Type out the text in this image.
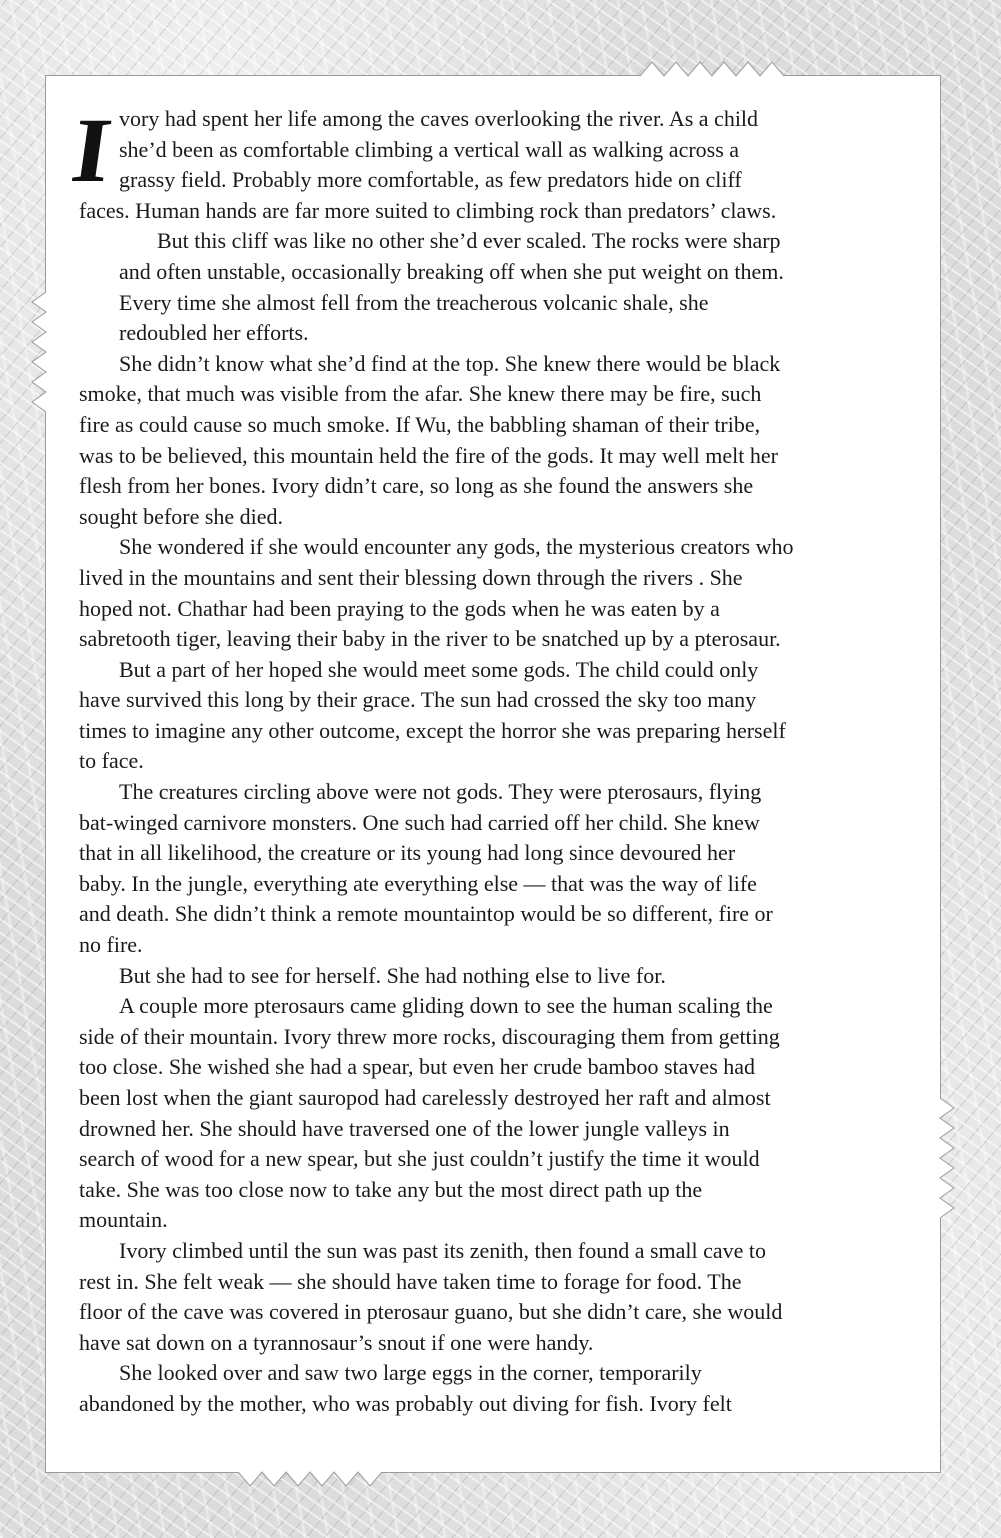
I vory had spent her life among the caves overlooking the river. As a child
she’d been as comfortable climbing a vertical wall as walking across a
grassy field. Probably more comfortable, as few predators hide on cliff
faces. Human hands are far more suited to climbing rock than predators’ claws.
But this cliff was like no other she’d ever scaled. The rocks were sharp
and often unstable, occasionally breaking off when she put weight on them.
Every time she almost fell from the treacherous volcanic shale, she
redoubled her efforts.
She didn’t know what she’d find at the top. She knew there would be black
smoke, that much was visible from the afar. She knew there may be fire, such
fire as could cause so much smoke. If Wu, the babbling shaman of their tribe,
was to be believed, this mountain held the fire of the gods. It may well melt her
flesh from her bones. Ivory didn’t care, so long as she found the answers she
sought before she died.
She wondered if she would encounter any gods, the mysterious creators who
lived in the mountains and sent their blessing down through the rivers . She
hoped not. Chathar had been praying to the gods when he was eaten by a
sabretooth tiger, leaving their baby in the river to be snatched up by a pterosaur.
But a part of her hoped she would meet some gods. The child could only
have survived this long by their grace. The sun had crossed the sky too many
times to imagine any other outcome, except the horror she was preparing herself
to face.
The creatures circling above were not gods. They were pterosaurs, flying
bat-winged carnivore monsters. One such had carried off her child. She knew
that in all likelihood, the creature or its young had long since devoured her
baby. In the jungle, everything ate everything else — that was the way of life
and death. She didn’t think a remote mountaintop would be so different, fire or
no fire.
But she had to see for herself. She had nothing else to live for.
A couple more pterosaurs came gliding down to see the human scaling the
side of their mountain. Ivory threw more rocks, discouraging them from getting
too close. She wished she had a spear, but even her crude bamboo staves had
been lost when the giant sauropod had carelessly destroyed her raft and almost
drowned her. She should have traversed one of the lower jungle valleys in
search of wood for a new spear, but she just couldn’t justify the time it would
take. She was too close now to take any but the most direct path up the
mountain.
Ivory climbed until the sun was past its zenith, then found a small cave to
rest in. She felt weak — she should have taken time to forage for food. The
floor of the cave was covered in pterosaur guano, but she didn’t care, she would
have sat down on a tyrannosaur’s snout if one were handy.
She looked over and saw two large eggs in the corner, temporarily
abandoned by the mother, who was probably out diving for fish. Ivory felt
